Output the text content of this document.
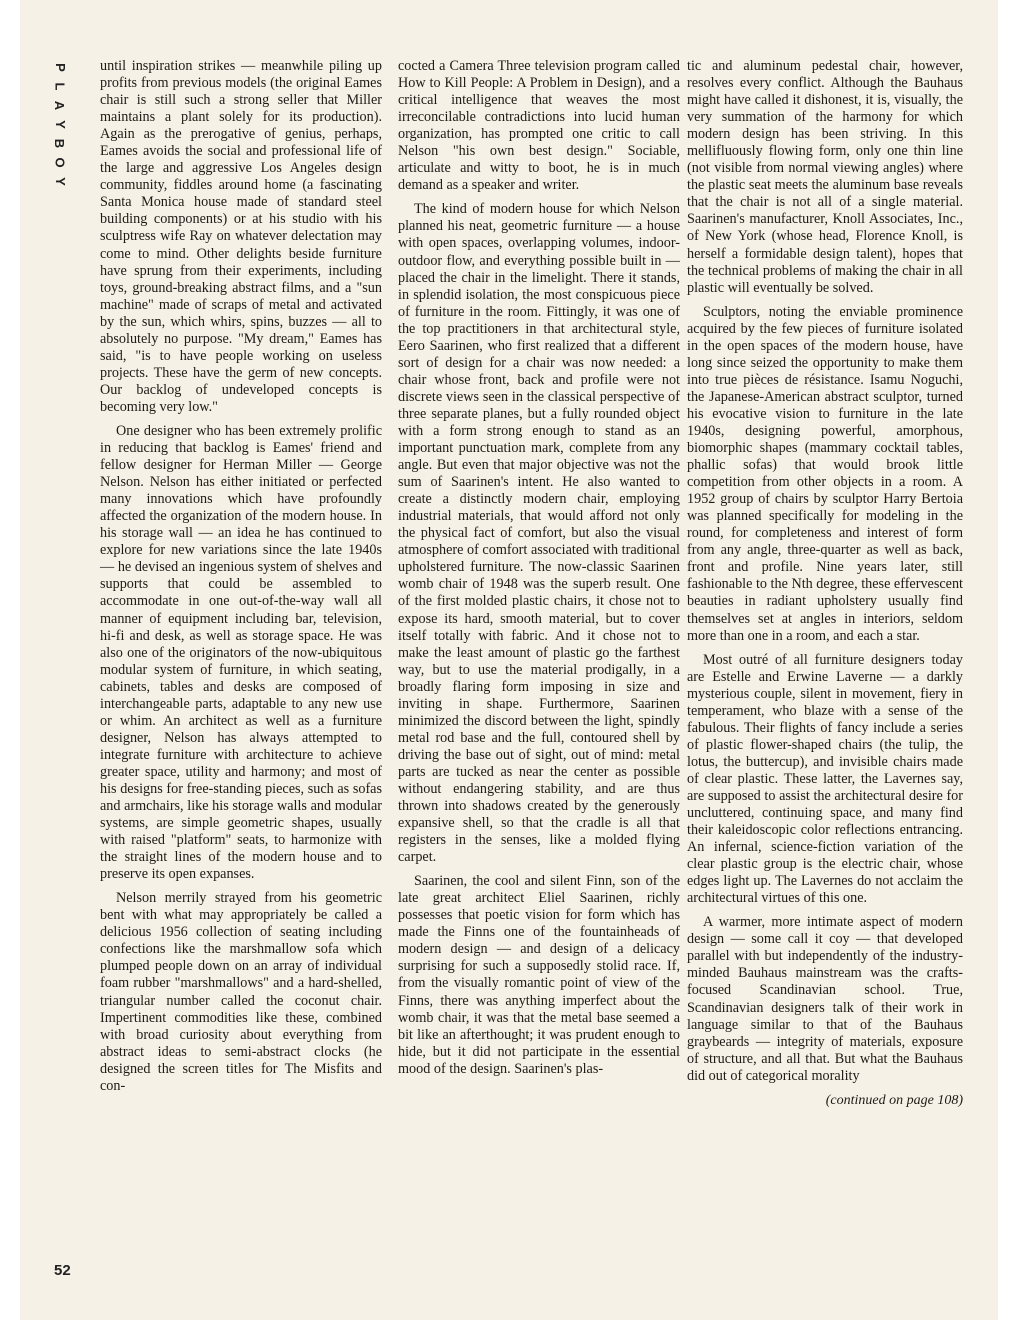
P
L
A
Y
B
O
Y

until inspiration strikes — meanwhile piling up profits from previous models (the original Eames chair is still such a strong seller that Miller maintains a plant solely for its production). Again as the prerogative of genius, perhaps, Eames avoids the social and professional life of the large and aggressive Los Angeles design community, fiddles around home (a fascinating Santa Monica house made of standard steel building components) or at his studio with his sculptress wife Ray on whatever delectation may come to mind. Other delights beside furniture have sprung from their experiments, including toys, ground-breaking abstract films, and a "sun machine" made of scraps of metal and activated by the sun, which whirs, spins, buzzes — all to absolutely no purpose. "My dream," Eames has said, "is to have people working on useless projects. These have the germ of new concepts. Our backlog of undeveloped concepts is becoming very low."

One designer who has been extremely prolific in reducing that backlog is Eames' friend and fellow designer for Herman Miller — George Nelson. Nelson has either initiated or perfected many innovations which have profoundly affected the organization of the modern house. In his storage wall — an idea he has continued to explore for new variations since the late 1940s — he devised an ingenious system of shelves and supports that could be assembled to accommodate in one out-of-the-way wall all manner of equipment including bar, television, hi-fi and desk, as well as storage space. He was also one of the originators of the now-ubiquitous modular system of furniture, in which seating, cabinets, tables and desks are composed of interchangeable parts, adaptable to any new use or whim. An architect as well as a furniture designer, Nelson has always attempted to integrate furniture with architecture to achieve greater space, utility and harmony; and most of his designs for free-standing pieces, such as sofas and armchairs, like his storage walls and modular systems, are simple geometric shapes, usually with raised "platform" seats, to harmonize with the straight lines of the modern house and to preserve its open expanses.

Nelson merrily strayed from his geometric bent with what may appropriately be called a delicious 1956 collection of seating including confections like the marshmallow sofa which plumped people down on an array of individual foam rubber "marshmallows" and a hard-shelled, triangular number called the coconut chair. Impertinent commodities like these, combined with broad curiosity about everything from abstract ideas to semi-abstract clocks (he designed the screen titles for The Misfits and con-

cocted a Camera Three television program called How to Kill People: A Problem in Design), and a critical intelligence that weaves the most irreconcilable contradictions into lucid human organization, has prompted one critic to call Nelson "his own best design." Sociable, articulate and witty to boot, he is in much demand as a speaker and writer.

The kind of modern house for which Nelson planned his neat, geometric furniture — a house with open spaces, overlapping volumes, indoor-outdoor flow, and everything possible built in — placed the chair in the limelight. There it stands, in splendid isolation, the most conspicuous piece of furniture in the room. Fittingly, it was one of the top practitioners in that architectural style, Eero Saarinen, who first realized that a different sort of design for a chair was now needed: a chair whose front, back and profile were not discrete views seen in the classical perspective of three separate planes, but a fully rounded object with a form strong enough to stand as an important punctuation mark, complete from any angle. But even that major objective was not the sum of Saarinen's intent. He also wanted to create a distinctly modern chair, employing industrial materials, that would afford not only the physical fact of comfort, but also the visual atmosphere of comfort associated with traditional upholstered furniture. The now-classic Saarinen womb chair of 1948 was the superb result. One of the first molded plastic chairs, it chose not to expose its hard, smooth material, but to cover itself totally with fabric. And it chose not to make the least amount of plastic go the farthest way, but to use the material prodigally, in a broadly flaring form imposing in size and inviting in shape. Furthermore, Saarinen minimized the discord between the light, spindly metal rod base and the full, contoured shell by driving the base out of sight, out of mind: metal parts are tucked as near the center as possible without endangering stability, and are thus thrown into shadows created by the generously expansive shell, so that the cradle is all that registers in the senses, like a molded flying carpet.

Saarinen, the cool and silent Finn, son of the late great architect Eliel Saarinen, richly possesses that poetic vision for form which has made the Finns one of the fountainheads of modern design — and design of a delicacy surprising for such a supposedly stolid race. If, from the visually romantic point of view of the Finns, there was anything imperfect about the womb chair, it was that the metal base seemed a bit like an afterthought; it was prudent enough to hide, but it did not participate in the essential mood of the design. Saarinen's plas-

tic and aluminum pedestal chair, however, resolves every conflict. Although the Bauhaus might have called it dishonest, it is, visually, the very summation of the harmony for which modern design has been striving. In this mellifluously flowing form, only one thin line (not visible from normal viewing angles) where the plastic seat meets the aluminum base reveals that the chair is not all of a single material. Saarinen's manufacturer, Knoll Associates, Inc., of New York (whose head, Florence Knoll, is herself a formidable design talent), hopes that the technical problems of making the chair in all plastic will eventually be solved.

Sculptors, noting the enviable prominence acquired by the few pieces of furniture isolated in the open spaces of the modern house, have long since seized the opportunity to make them into true pièces de résistance. Isamu Noguchi, the Japanese-American abstract sculptor, turned his evocative vision to furniture in the late 1940s, designing powerful, amorphous, biomorphic shapes (mammary cocktail tables, phallic sofas) that would brook little competition from other objects in a room. A 1952 group of chairs by sculptor Harry Bertoia was planned specifically for modeling in the round, for completeness and interest of form from any angle, three-quarter as well as back, front and profile. Nine years later, still fashionable to the Nth degree, these effervescent beauties in radiant upholstery usually find themselves set at angles in interiors, seldom more than one in a room, and each a star.

Most outré of all furniture designers today are Estelle and Erwine Laverne — a darkly mysterious couple, silent in movement, fiery in temperament, who blaze with a sense of the fabulous. Their flights of fancy include a series of plastic flower-shaped chairs (the tulip, the lotus, the buttercup), and invisible chairs made of clear plastic. These latter, the Lavernes say, are supposed to assist the architectural desire for uncluttered, continuing space, and many find their kaleidoscopic color reflections entrancing. An infernal, science-fiction variation of the clear plastic group is the electric chair, whose edges light up. The Lavernes do not acclaim the architectural virtues of this one.

A warmer, more intimate aspect of modern design — some call it coy — that developed parallel with but independently of the industry-minded Bauhaus mainstream was the crafts-focused Scandinavian school. True, Scandinavian designers talk of their work in language similar to that of the Bauhaus graybeards — integrity of materials, exposure of structure, and all that. But what the Bauhaus did out of categorical morality

(continued on page 108)
52
